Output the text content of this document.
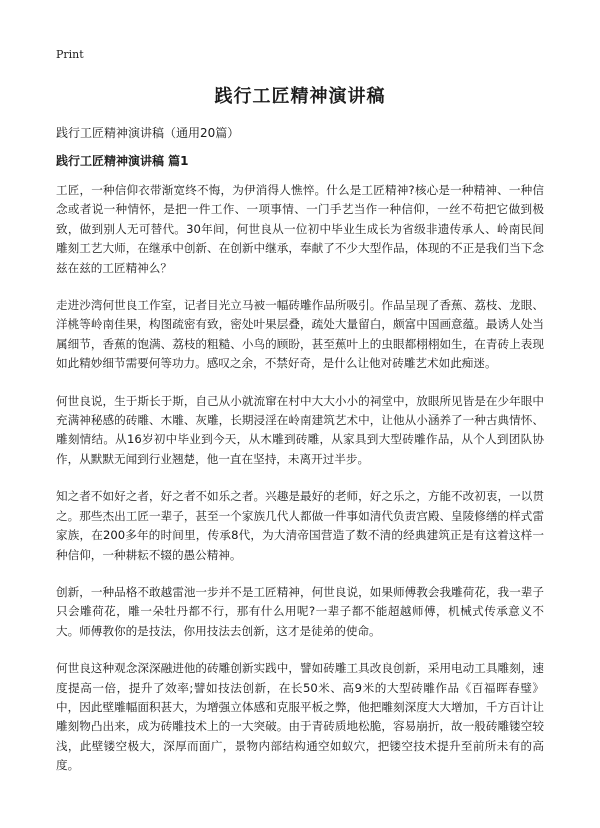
Print
践行工匠精神演讲稿

践行工匠精神演讲稿（通用20篇）

践行工匠精神演讲稿 篇1

工匠，一种信仰衣带渐宽终不悔，为伊消得人憔悴。什么是工匠精神?核心是一种精神、一种信念或者说一种情怀，是把一件工作、一项事情、一门手艺当作一种信仰，一丝不苟把它做到极致，做到别人无可替代。30年间，何世良从一位初中毕业生成长为省级非遗传承人、岭南民间雕刻工艺大师，在继承中创新、在创新中继承，奉献了不少大型作品，体现的不正是我们当下念兹在兹的工匠精神么？

走进沙湾何世良工作室，记者目光立马被一幅砖雕作品所吸引。作品呈现了香蕉、荔枝、龙眼、洋桃等岭南佳果，构图疏密有致，密处叶果层叠，疏处大量留白，颇富中国画意蕴。最诱人处当属细节，香蕉的饱满、荔枝的粗糙、小鸟的顾盼，甚至蕉叶上的虫眼都栩栩如生，在青砖上表现如此精妙细节需要何等功力。感叹之余，不禁好奇，是什么让他对砖雕艺术如此痴迷。

何世良说，生于斯长于斯，自己从小就流窜在村中大大小小的祠堂中，放眼所见皆是在少年眼中充满神秘感的砖雕、木雕、灰雕，长期浸淫在岭南建筑艺术中，让他从小涵养了一种古典情怀、雕刻情结。从16岁初中毕业到今天，从木雕到砖雕，从家具到大型砖雕作品，从个人到团队协作，从默默无闻到行业翘楚，他一直在坚持，未离开过半步。

知之者不如好之者，好之者不如乐之者。兴趣是最好的老师，好之乐之，方能不改初衷，一以贯之。那些杰出工匠一辈子，甚至一个家族几代人都做一件事如清代负责宫殿、皇陵修缮的样式雷家族，在200多年的时间里，传承8代，为大清帝国营造了数不清的经典建筑正是有这着这样一种信仰，一种耕耘不辍的愚公精神。

创新，一种品格不敢越雷池一步并不是工匠精神，何世良说，如果师傅教会我雕荷花，我一辈子只会雕荷花，雕一朵牡丹都不行，那有什么用呢?一辈子都不能超越师傅，机械式传承意义不大。师傅教你的是技法，你用技法去创新，这才是徒弟的使命。

何世良这种观念深深融进他的砖雕创新实践中，譬如砖雕工具改良创新，采用电动工具雕刻，速度提高一倍，提升了效率;譬如技法创新，在长50米、高9米的大型砖雕作品《百福晖春璧》中，因此壁雕幅面积甚大，为增强立体感和克服平板之弊，他把雕刻深度大大增加，千方百计让雕刻物凸出来，成为砖雕技术上的一大突破。由于青砖质地松脆，容易崩折，故一般砖雕镂空较浅，此壁镂空极大，深厚而面广，景物内部结构通空如蚁穴，把镂空技术提升至前所未有的高度。
